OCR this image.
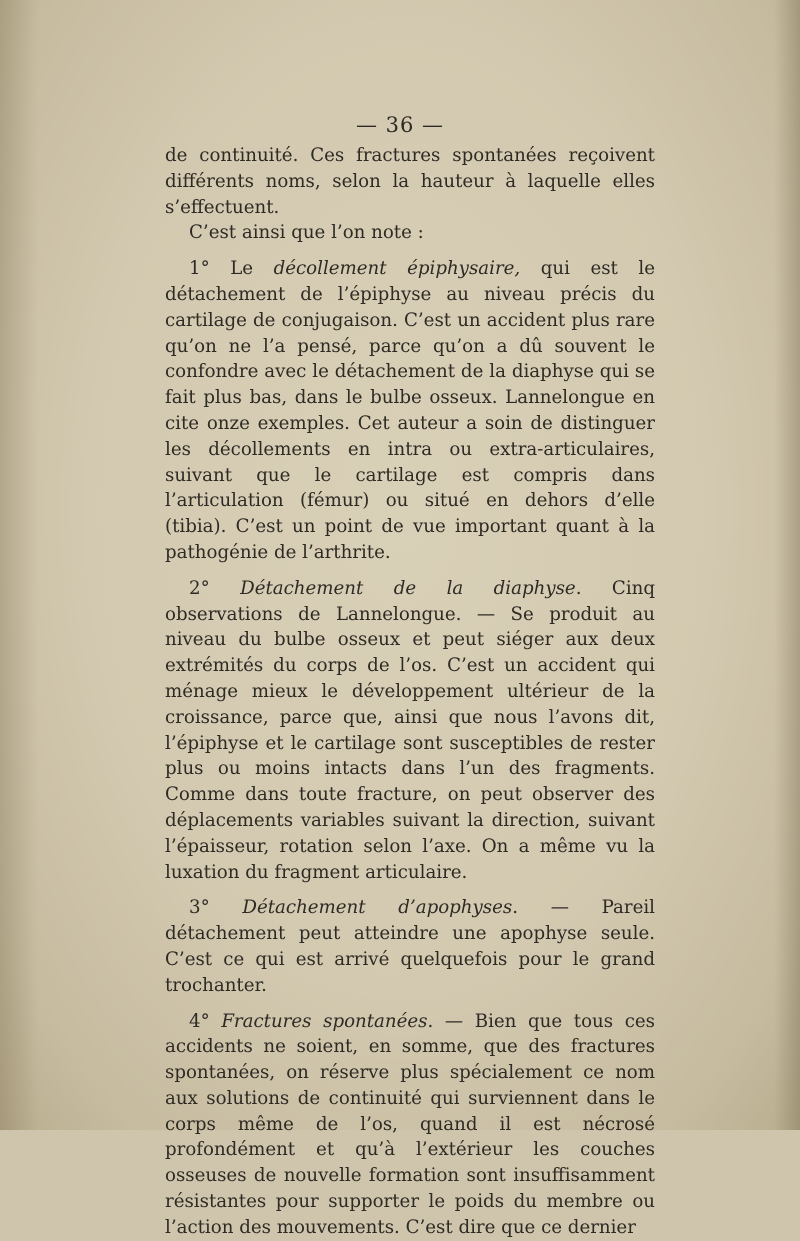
— 36 —

de continuité. Ces fractures spontanées reçoivent différents noms, selon la hauteur à laquelle elles s’effectuent.

C’est ainsi que l’on note :

1° Le décollement épiphysaire, qui est le détachement de l’épiphyse au niveau précis du cartilage de conjugaison. C’est un accident plus rare qu’on ne l’a pensé, parce qu’on a dû souvent le confondre avec le détachement de la diaphyse qui se fait plus bas, dans le bulbe osseux. Lannelongue en cite onze exemples. Cet auteur a soin de distinguer les décollements en intra ou extra-articulaires, suivant que le cartilage est compris dans l’articulation (fémur) ou situé en dehors d’elle (tibia). C’est un point de vue important quant à la pathogénie de l’arthrite.

2° Détachement de la diaphyse. Cinq observations de Lannelongue. — Se produit au niveau du bulbe osseux et peut siéger aux deux extrémités du corps de l’os. C’est un accident qui ménage mieux le développement ultérieur de la croissance, parce que, ainsi que nous l’avons dit, l’épiphyse et le cartilage sont susceptibles de rester plus ou moins intacts dans l’un des fragments. Comme dans toute fracture, on peut observer des déplacements variables suivant la direction, suivant l’épaisseur, rotation selon l’axe. On a même vu la luxation du fragment articulaire.

3° Détachement d’apophyses. — Pareil détachement peut atteindre une apophyse seule. C’est ce qui est arrivé quelquefois pour le grand trochanter.

4° Fractures spontanées. — Bien que tous ces accidents ne soient, en somme, que des fractures spontanées, on réserve plus spécialement ce nom aux solutions de continuité qui surviennent dans le corps même de l’os, quand il est nécrosé profondément et qu’à l’extérieur les couches osseuses de nouvelle formation sont insuffisamment résistantes pour supporter le poids du membre ou l’action des mouvements. C’est dire que ce dernier
